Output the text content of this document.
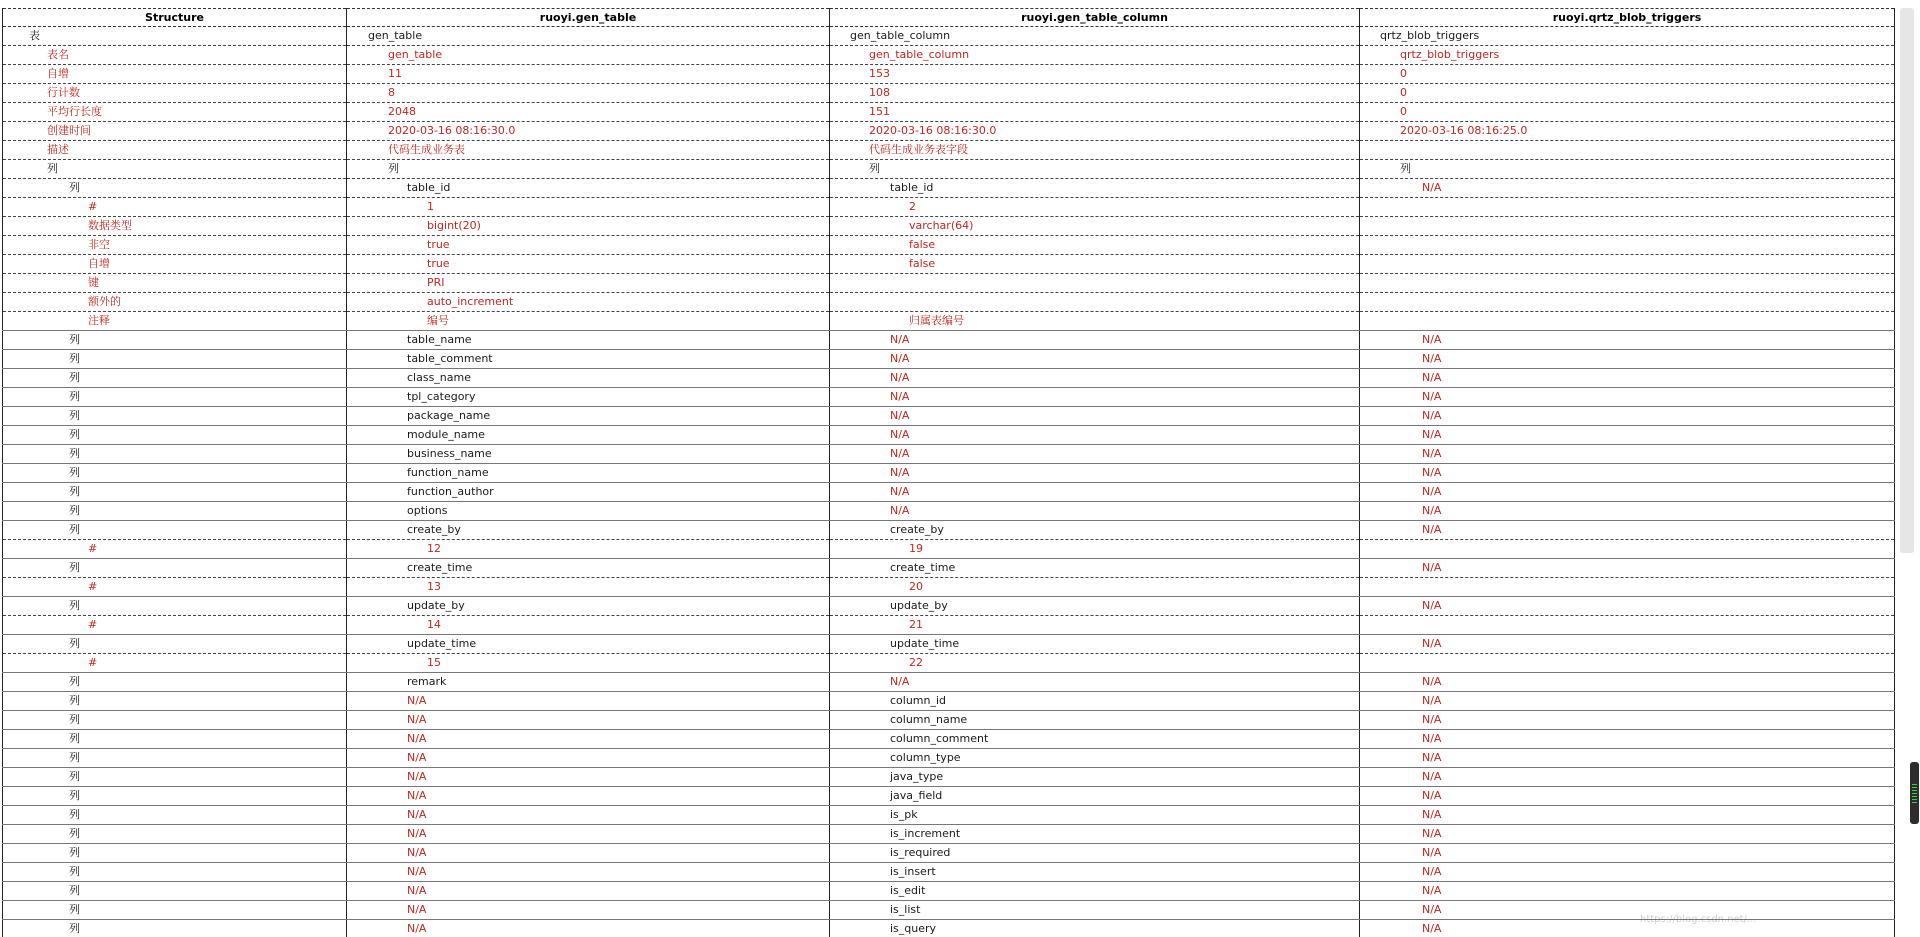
Structure	ruoyi.gen_table	ruoyi.gen_table_column	ruoyi.qrtz_blob_triggers
表	gen_table	gen_table_column	qrtz_blob_triggers
表名	gen_table	gen_table_column	qrtz_blob_triggers
自增	11	153	0
行计数	8	108	0
平均行长度	2048	151	0
创建时间	2020-03-16 08:16:30.0	2020-03-16 08:16:30.0	2020-03-16 08:16:25.0
描述	代码生成业务表	代码生成业务表字段	
列	列	列	列
列	table_id	table_id	N/A
#	1	2	
数据类型	bigint(20)	varchar(64)	
非空	true	false	
自增	true	false	
键	PRI		
额外的	auto_increment		
注释	编号	归属表编号	
列	table_name	N/A	N/A
列	table_comment	N/A	N/A
列	class_name	N/A	N/A
列	tpl_category	N/A	N/A
列	package_name	N/A	N/A
列	module_name	N/A	N/A
列	business_name	N/A	N/A
列	function_name	N/A	N/A
列	function_author	N/A	N/A
列	options	N/A	N/A
列	create_by	create_by	N/A
#	12	19	
列	create_time	create_time	N/A
#	13	20	
列	update_by	update_by	N/A
#	14	21	
列	update_time	update_time	N/A
#	15	22	
列	remark	N/A	N/A
列	N/A	column_id	N/A
列	N/A	column_name	N/A
列	N/A	column_comment	N/A
列	N/A	column_type	N/A
列	N/A	java_type	N/A
列	N/A	java_field	N/A
列	N/A	is_pk	N/A
列	N/A	is_increment	N/A
列	N/A	is_required	N/A
列	N/A	is_insert	N/A
列	N/A	is_edit	N/A
列	N/A	is_list	N/A
列	N/A	is_query	N/A
https://blog.csdn.net/...
